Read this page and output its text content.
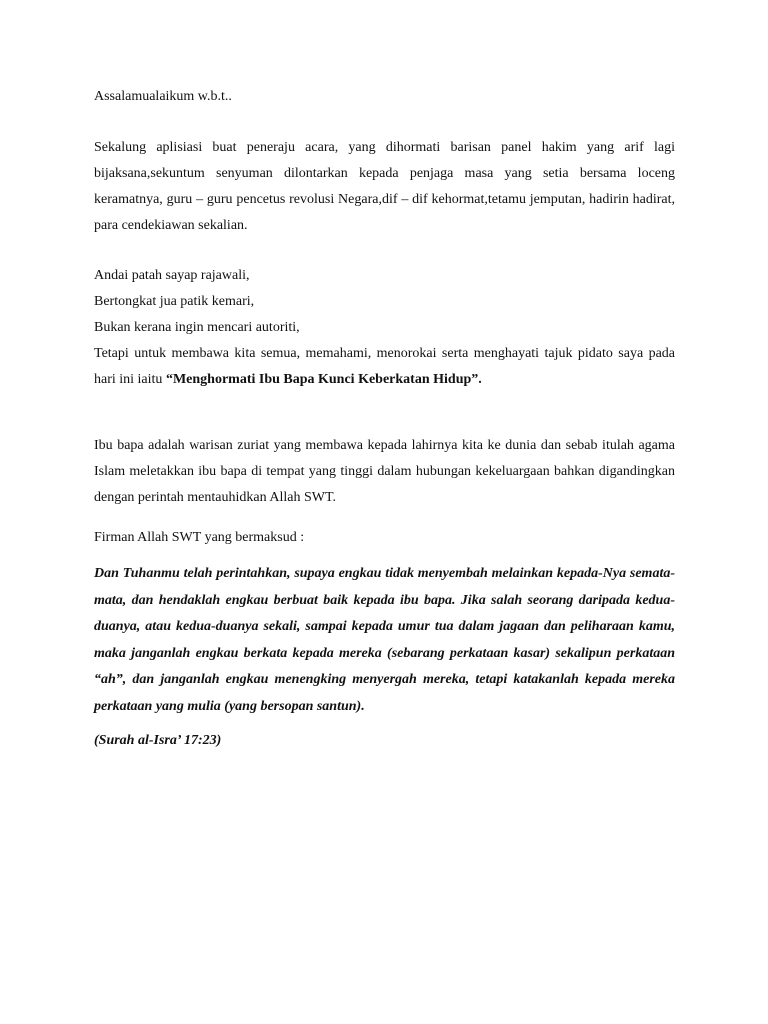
Assalamualaikum w.b.t..

Sekalung aplisiasi buat peneraju acara, yang dihormati barisan panel hakim yang arif lagi bijaksana,sekuntum senyuman dilontarkan kepada penjaga masa yang setia bersama loceng keramatnya, guru – guru pencetus revolusi Negara,dif – dif kehormat,tetamu jemputan, hadirin hadirat, para cendekiawan sekalian.

Andai patah sayap rajawali,
Bertongkat jua patik kemari,
Bukan kerana ingin mencari autoriti,

Tetapi untuk membawa kita semua, memahami, menorokai serta menghayati tajuk pidato saya pada hari ini iaitu “Menghormati Ibu Bapa Kunci Keberkatan Hidup”.

Ibu bapa adalah warisan zuriat yang membawa kepada lahirnya kita ke dunia dan sebab itulah agama Islam meletakkan ibu bapa di tempat yang tinggi dalam hubungan kekeluargaan bahkan digandingkan dengan perintah mentauhidkan Allah SWT.

Firman Allah SWT yang bermaksud :

Dan Tuhanmu telah perintahkan, supaya engkau tidak menyembah melainkan kepada-Nya semata-mata, dan hendaklah engkau berbuat baik kepada ibu bapa. Jika salah seorang daripada kedua-duanya, atau kedua-duanya sekali, sampai kepada umur tua dalam jagaan dan peliharaan kamu, maka janganlah engkau berkata kepada mereka (sebarang perkataan kasar) sekalipun perkataan “ah”, dan janganlah engkau menengking menyergah mereka, tetapi katakanlah kepada mereka perkataan yang mulia (yang bersopan santun).

(Surah al-Isra’ 17:23)
